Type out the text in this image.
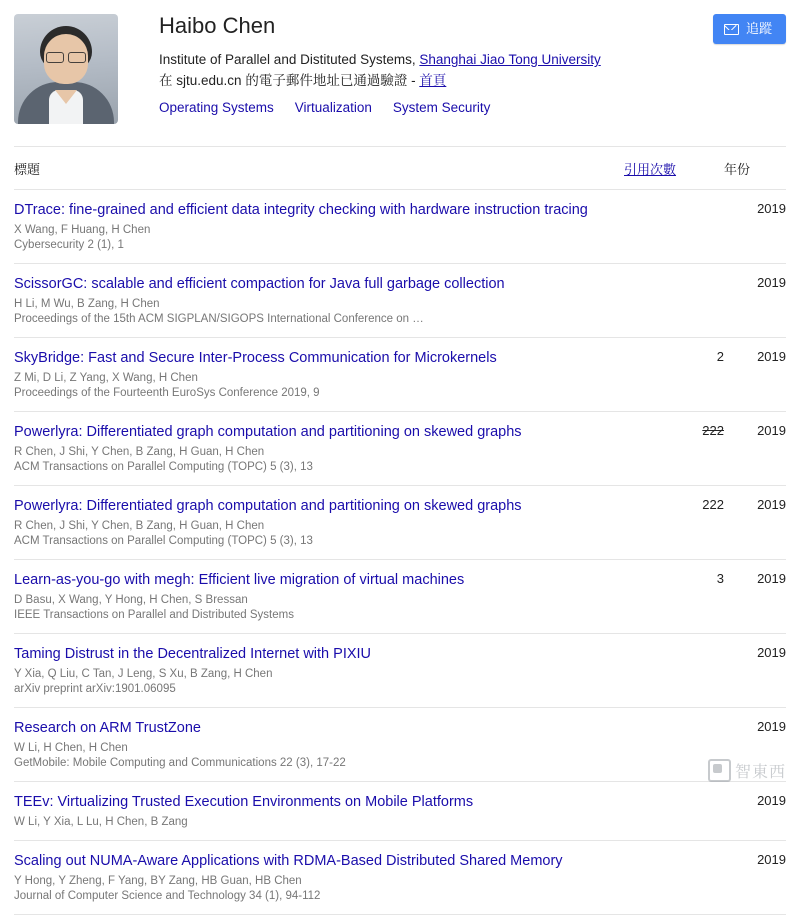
Haibo Chen
Institute of Parallel and Distituted Systems, Shanghai Jiao Tong University
在 sjtu.edu.cn 的電子郵件地址已通過驗證 - 首頁
Operating Systems Virtualization System Security
追蹤
標題	引用次數	年份

DTrace: fine-grained and efficient data integrity checking with hardware instruction tracing
X Wang, F Huang, H Chen
Cybersecurity 2 (1), 1		2019

ScissorGC: scalable and efficient compaction for Java full garbage collection
H Li, M Wu, B Zang, H Chen
Proceedings of the 15th ACM SIGPLAN/SIGOPS International Conference on …		2019

SkyBridge: Fast and Secure Inter-Process Communication for Microkernels
Z Mi, D Li, Z Yang, X Wang, H Chen
Proceedings of the Fourteenth EuroSys Conference 2019, 9	2	2019

Powerlyra: Differentiated graph computation and partitioning on skewed graphs
R Chen, J Shi, Y Chen, B Zang, H Guan, H Chen
ACM Transactions on Parallel Computing (TOPC) 5 (3), 13	222	2019

Powerlyra: Differentiated graph computation and partitioning on skewed graphs
R Chen, J Shi, Y Chen, B Zang, H Guan, H Chen
ACM Transactions on Parallel Computing (TOPC) 5 (3), 13	222	2019

Learn-as-you-go with megh: Efficient live migration of virtual machines
D Basu, X Wang, Y Hong, H Chen, S Bressan
IEEE Transactions on Parallel and Distributed Systems	3	2019

Taming Distrust in the Decentralized Internet with PIXIU
Y Xia, Q Liu, C Tan, J Leng, S Xu, B Zang, H Chen
arXiv preprint arXiv:1901.06095		2019

Research on ARM TrustZone
W Li, H Chen, H Chen
GetMobile: Mobile Computing and Communications 22 (3), 17-22		2019

TEEv: Virtualizing Trusted Execution Environments on Mobile Platforms
W Li, Y Xia, L Lu, H Chen, B Zang		2019

Scaling out NUMA-Aware Applications with RDMA-Based Distributed Shared Memory
Y Hong, Y Zheng, F Yang, BY Zang, HB Guan, HB Chen
Journal of Computer Science and Technology 34 (1), 94-112		2019
智東西
